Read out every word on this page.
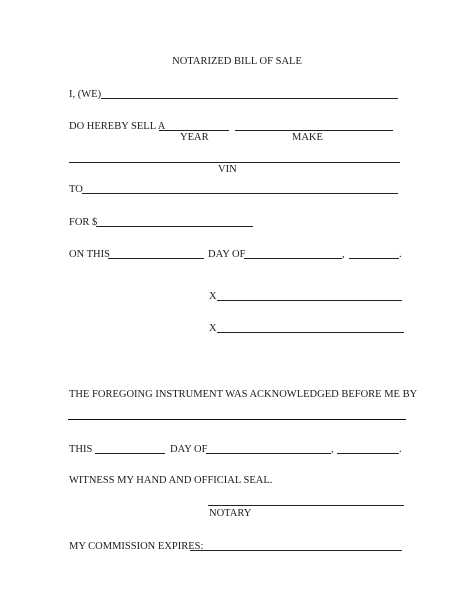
NOTARIZED BILL OF SALE
I, (WE)
DO HEREBY SELL A
YEAR	MAKE
VIN
TO
FOR $
ON THIS	DAY OF	,	.
X
X
THE FOREGOING INSTRUMENT WAS ACKNOWLEDGED BEFORE ME BY
THIS	DAY OF	,	.
WITNESS MY HAND AND OFFICIAL SEAL.
NOTARY
MY COMMISSION EXPIRES:
